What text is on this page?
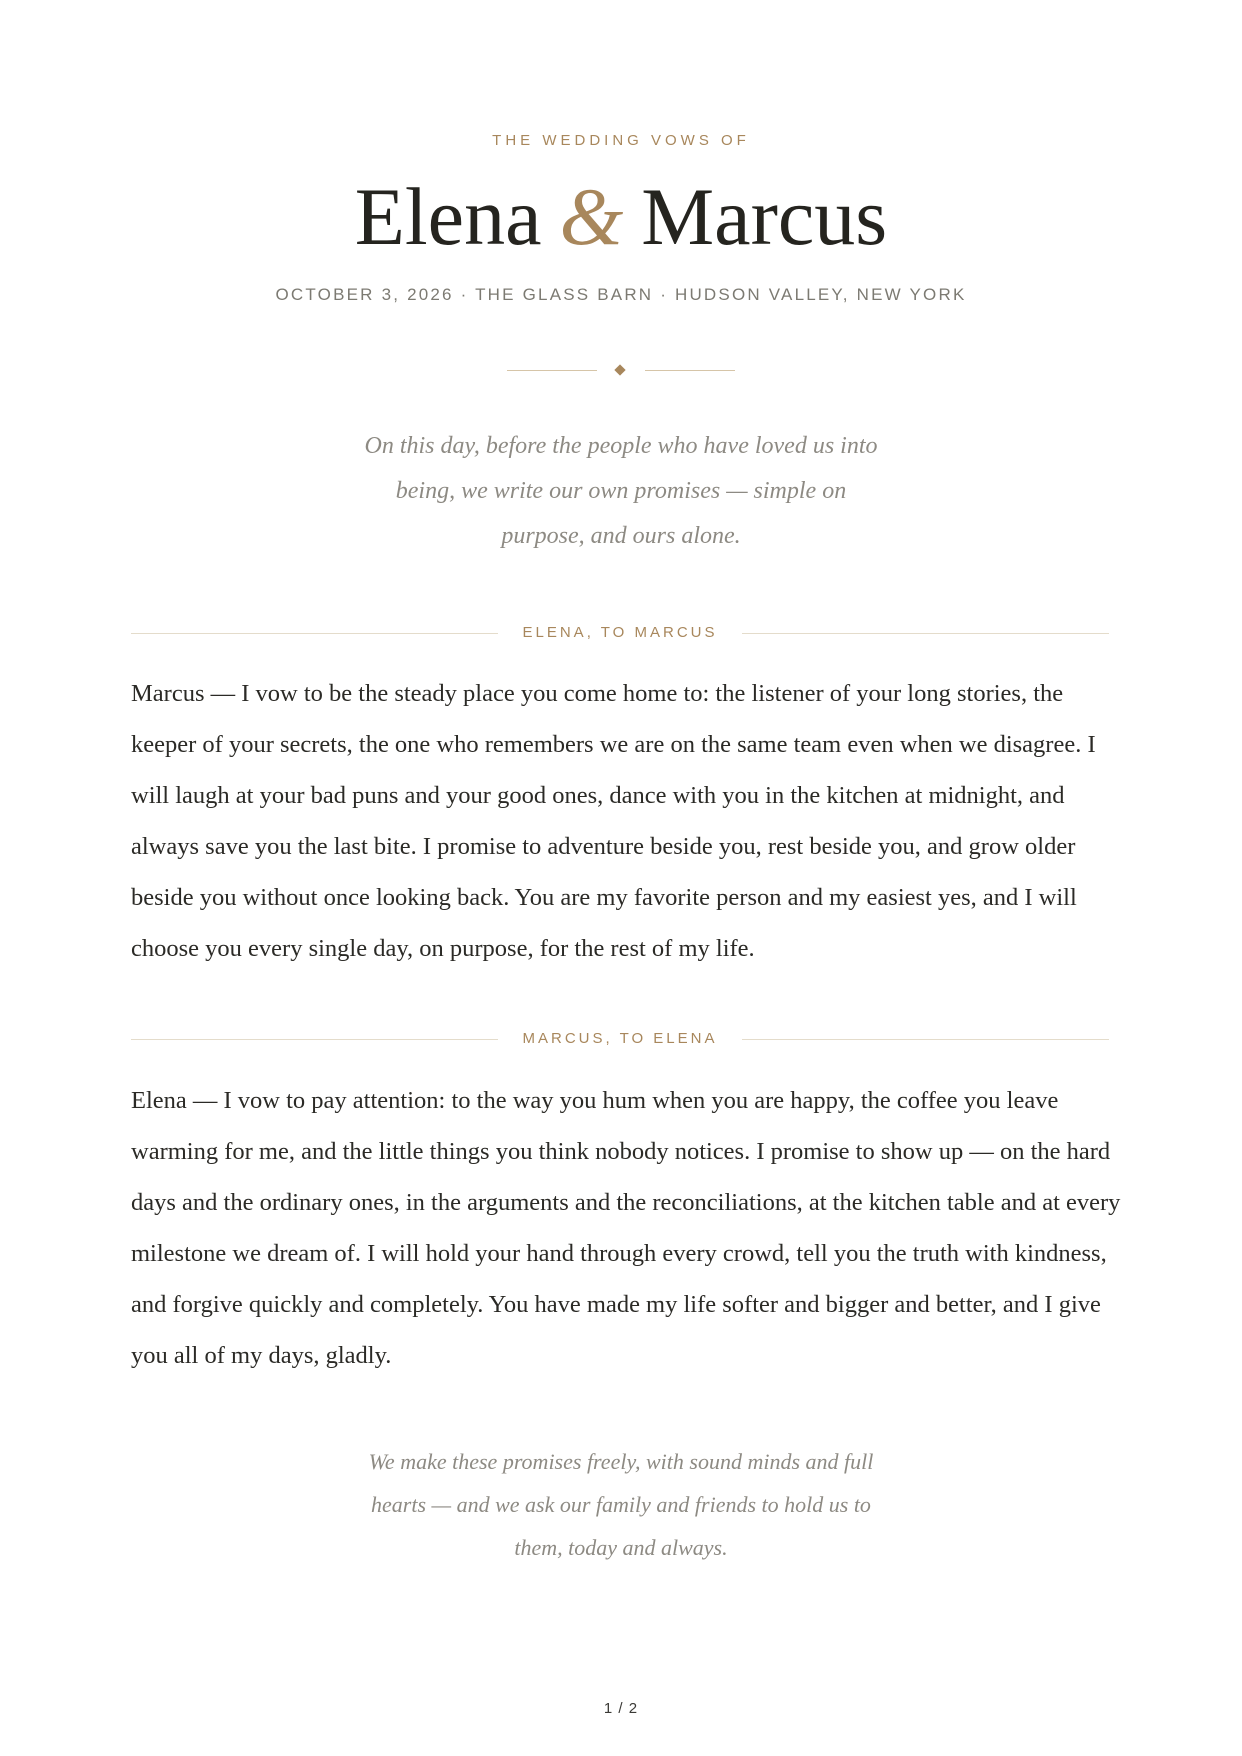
THE WEDDING VOWS OF
Elena & Marcus
OCTOBER 3, 2026 · THE GLASS BARN · HUDSON VALLEY, NEW YORK
On this day, before the people who have loved us into being, we write our own promises — simple on purpose, and ours alone.
ELENA, TO MARCUS
Marcus — I vow to be the steady place you come home to: the listener of your long stories, the keeper of your secrets, the one who remembers we are on the same team even when we disagree. I will laugh at your bad puns and your good ones, dance with you in the kitchen at midnight, and always save you the last bite. I promise to adventure beside you, rest beside you, and grow older beside you without once looking back. You are my favorite person and my easiest yes, and I will choose you every single day, on purpose, for the rest of my life.
MARCUS, TO ELENA
Elena — I vow to pay attention: to the way you hum when you are happy, the coffee you leave warming for me, and the little things you think nobody notices. I promise to show up — on the hard days and the ordinary ones, in the arguments and the reconciliations, at the kitchen table and at every milestone we dream of. I will hold your hand through every crowd, tell you the truth with kindness, and forgive quickly and completely. You have made my life softer and bigger and better, and I give you all of my days, gladly.
We make these promises freely, with sound minds and full hearts — and we ask our family and friends to hold us to them, today and always.
1 / 2
